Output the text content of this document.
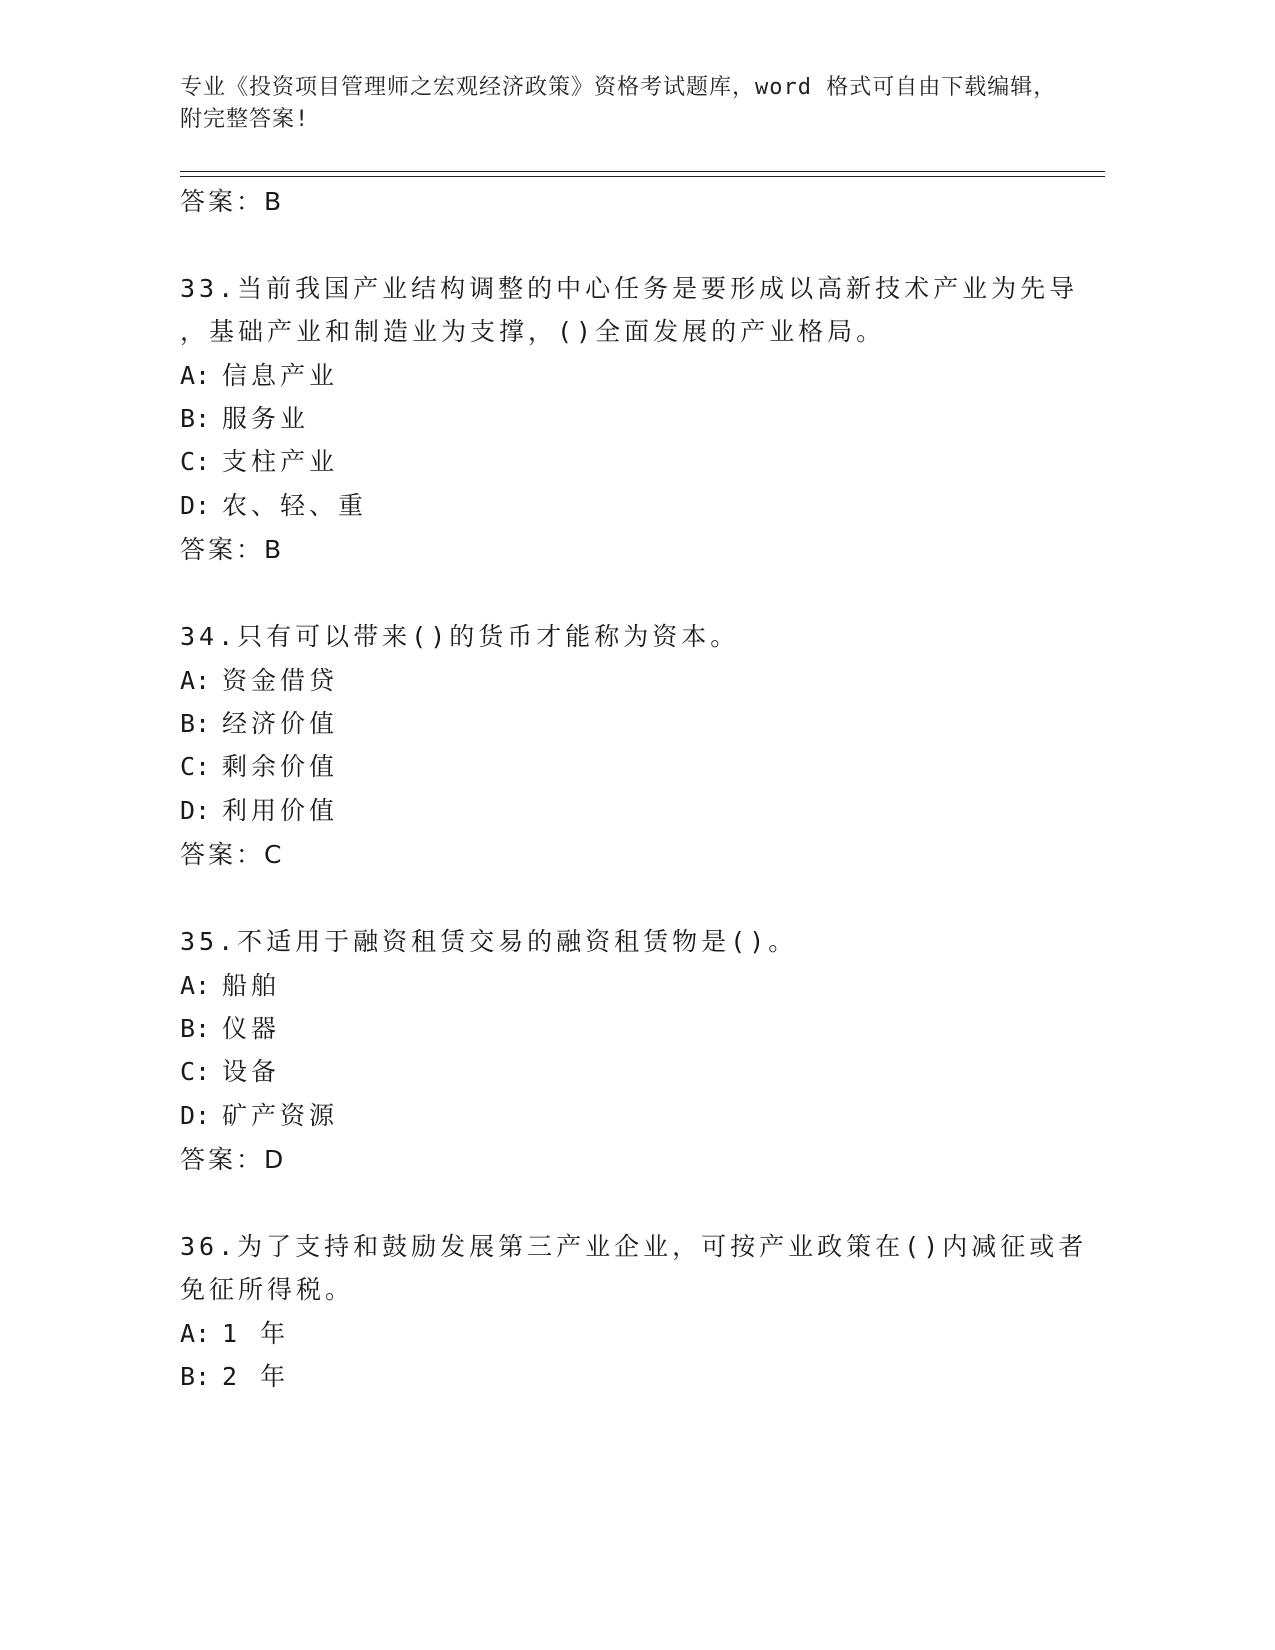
专业《投资项目管理师之宏观经济政策》资格考试题库，word 格式可自由下载编辑，附完整答案!
答案：B
33.当前我国产业结构调整的中心任务是要形成以高新技术产业为先导
，基础产业和制造业为支撑，()全面发展的产业格局。
A: 信息产业
B: 服务业
C: 支柱产业
D: 农、轻、重
答案：B
34.只有可以带来()的货币才能称为资本。
A: 资金借贷
B: 经济价值
C: 剩余价值
D: 利用价值
答案：C
35.不适用于融资租赁交易的融资租赁物是()。
A: 船舶
B: 仪器
C: 设备
D: 矿产资源
答案：D
36.为了支持和鼓励发展第三产业企业，可按产业政策在()内减征或者
免征所得税。
A: 1 年
B: 2 年
